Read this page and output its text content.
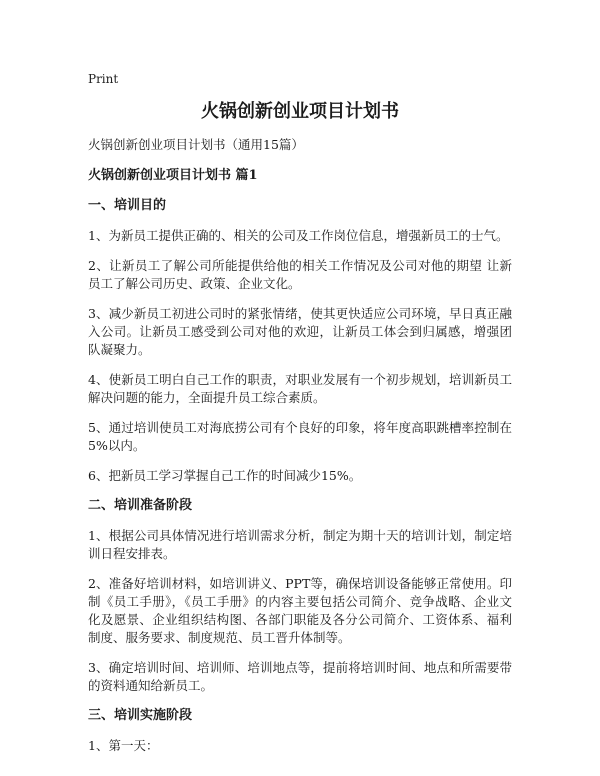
Print
火锅创新创业项目计划书
火锅创新创业项目计划书（通用15篇）
火锅创新创业项目计划书 篇1
一、培训目的
1、为新员工提供正确的、相关的公司及工作岗位信息，增强新员工的士气。
2、让新员工了解公司所能提供给他的相关工作情况及公司对他的期望 让新员工了解公司历史、政策、企业文化。
3、减少新员工初进公司时的紧张情绪，使其更快适应公司环境，早日真正融入公司。让新员工感受到公司对他的欢迎，让新员工体会到归属感，增强团队凝聚力。
4、使新员工明白自己工作的职责，对职业发展有一个初步规划，培训新员工解决问题的能力，全面提升员工综合素质。
5、通过培训使员工对海底捞公司有个良好的印象，将年度高职跳槽率控制在5%以内。
6、把新员工学习掌握自己工作的时间减少15%。
二、培训准备阶段
1、根据公司具体情况进行培训需求分析，制定为期十天的培训计划，制定培训日程安排表。
2、准备好培训材料，如培训讲义、PPT等，确保培训设备能够正常使用。印制《员工手册》，《员工手册》的内容主要包括公司简介、竞争战略、企业文化及愿景、企业组织结构图、各部门职能及各分公司简介、工资体系、福利制度、服务要求、制度规范、员工晋升体制等。
3、确定培训时间、培训师、培训地点等，提前将培训时间、地点和所需要带的资料通知给新员工。
三、培训实施阶段
1、第一天：
